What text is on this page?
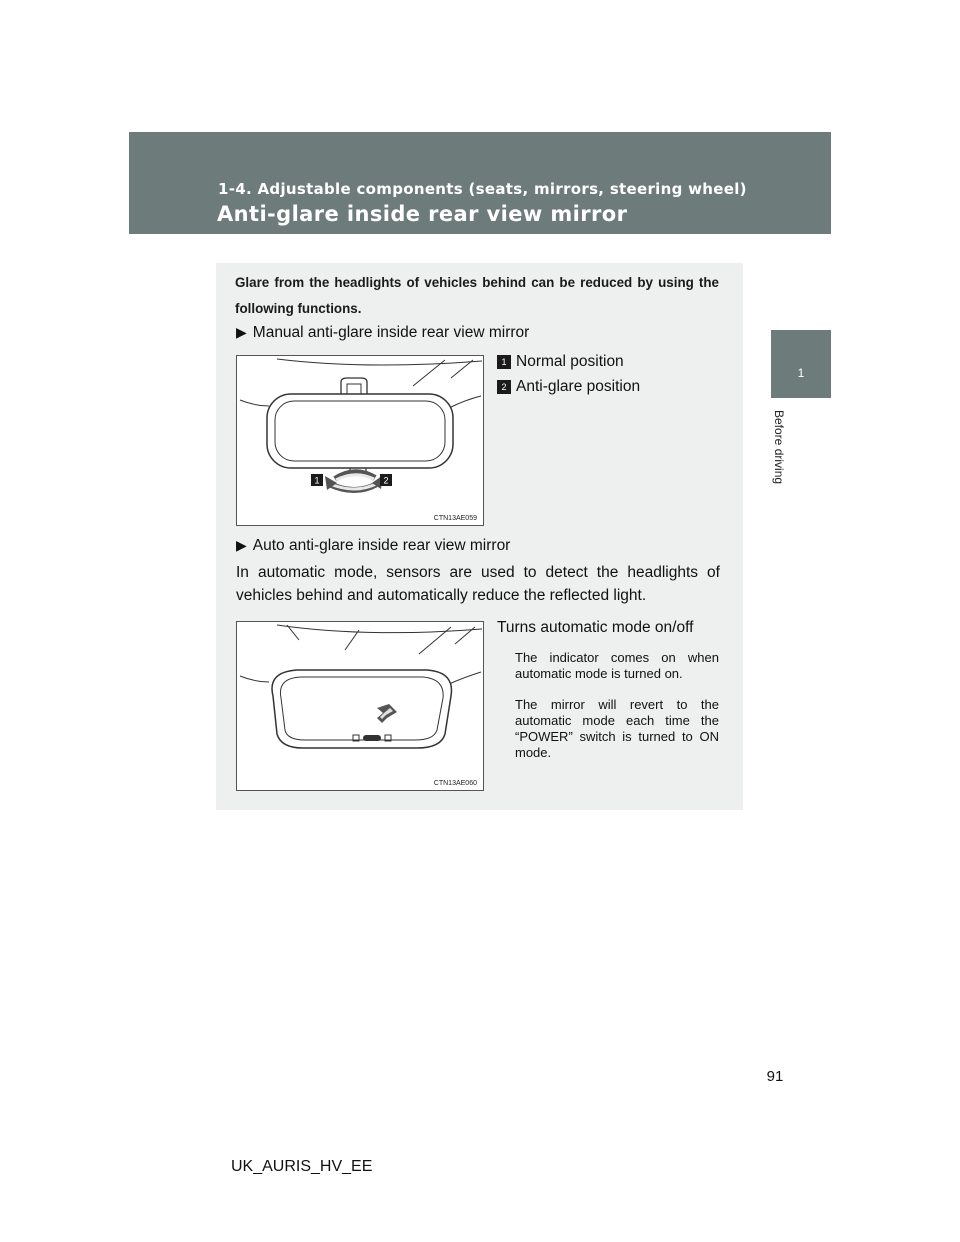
1-4. Adjustable components (seats, mirrors, steering wheel)
Anti-glare inside rear view mirror
1
Before driving
Glare from the headlights of vehicles behind can be reduced by using the following functions.
▶ Manual anti-glare inside rear view mirror
1 Normal position
2 Anti-glare position
1	2
CTN13AE059
▶ Auto anti-glare inside rear view mirror
In automatic mode, sensors are used to detect the headlights of vehicles behind and automatically reduce the reflected light.
Turns automatic mode on/off
The indicator comes on when automatic mode is turned on.
The mirror will revert to the automatic mode each time the “POWER” switch is turned to ON mode.
CTN13AE060
91
UK_AURIS_HV_EE
